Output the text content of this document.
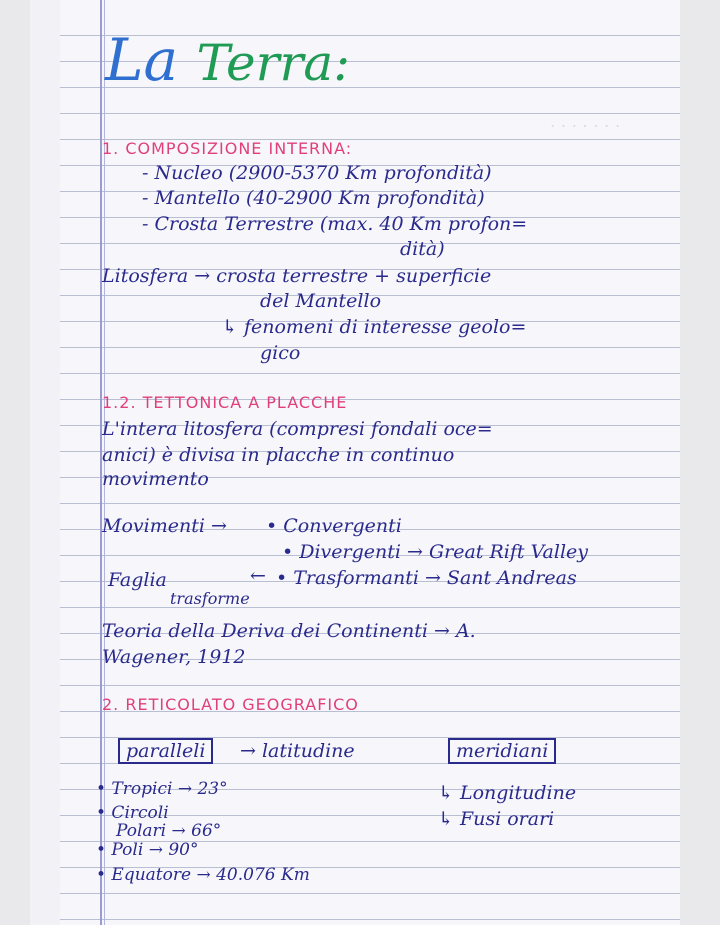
. . . . . . .
La Terra:
1. COMPOSIZIONE INTERNA:
- Nucleo (2900-5370 Km profondità)
- Mantello (40-2900 Km profondità)
- Crosta Terrestre (max. 40 Km profon=
dità)
Litosfera → crosta terrestre + superficie
del Mantello
↳ fenomeni di interesse geolo=
gico
1.2. TETTONICA A PLACCHE
L'intera litosfera (compresi fondali oce=
anici) è divisa in placche in continuo
movimento
Movimenti → • Convergenti
• Divergenti → Great Rift Valley
Faglia
trasforme
← • Trasformanti → Sant Andreas
Teoria della Deriva dei Continenti → A.
Wagener, 1912
2. RETICOLATO GEOGRAFICO
paralleli	→ latitudine	meridiani
↳ Longitudine
↳ Fusi orari
• Tropici → 23°
• Circoli
Polari → 66°
• Poli → 90°
• Equatore → 40.076 Km
